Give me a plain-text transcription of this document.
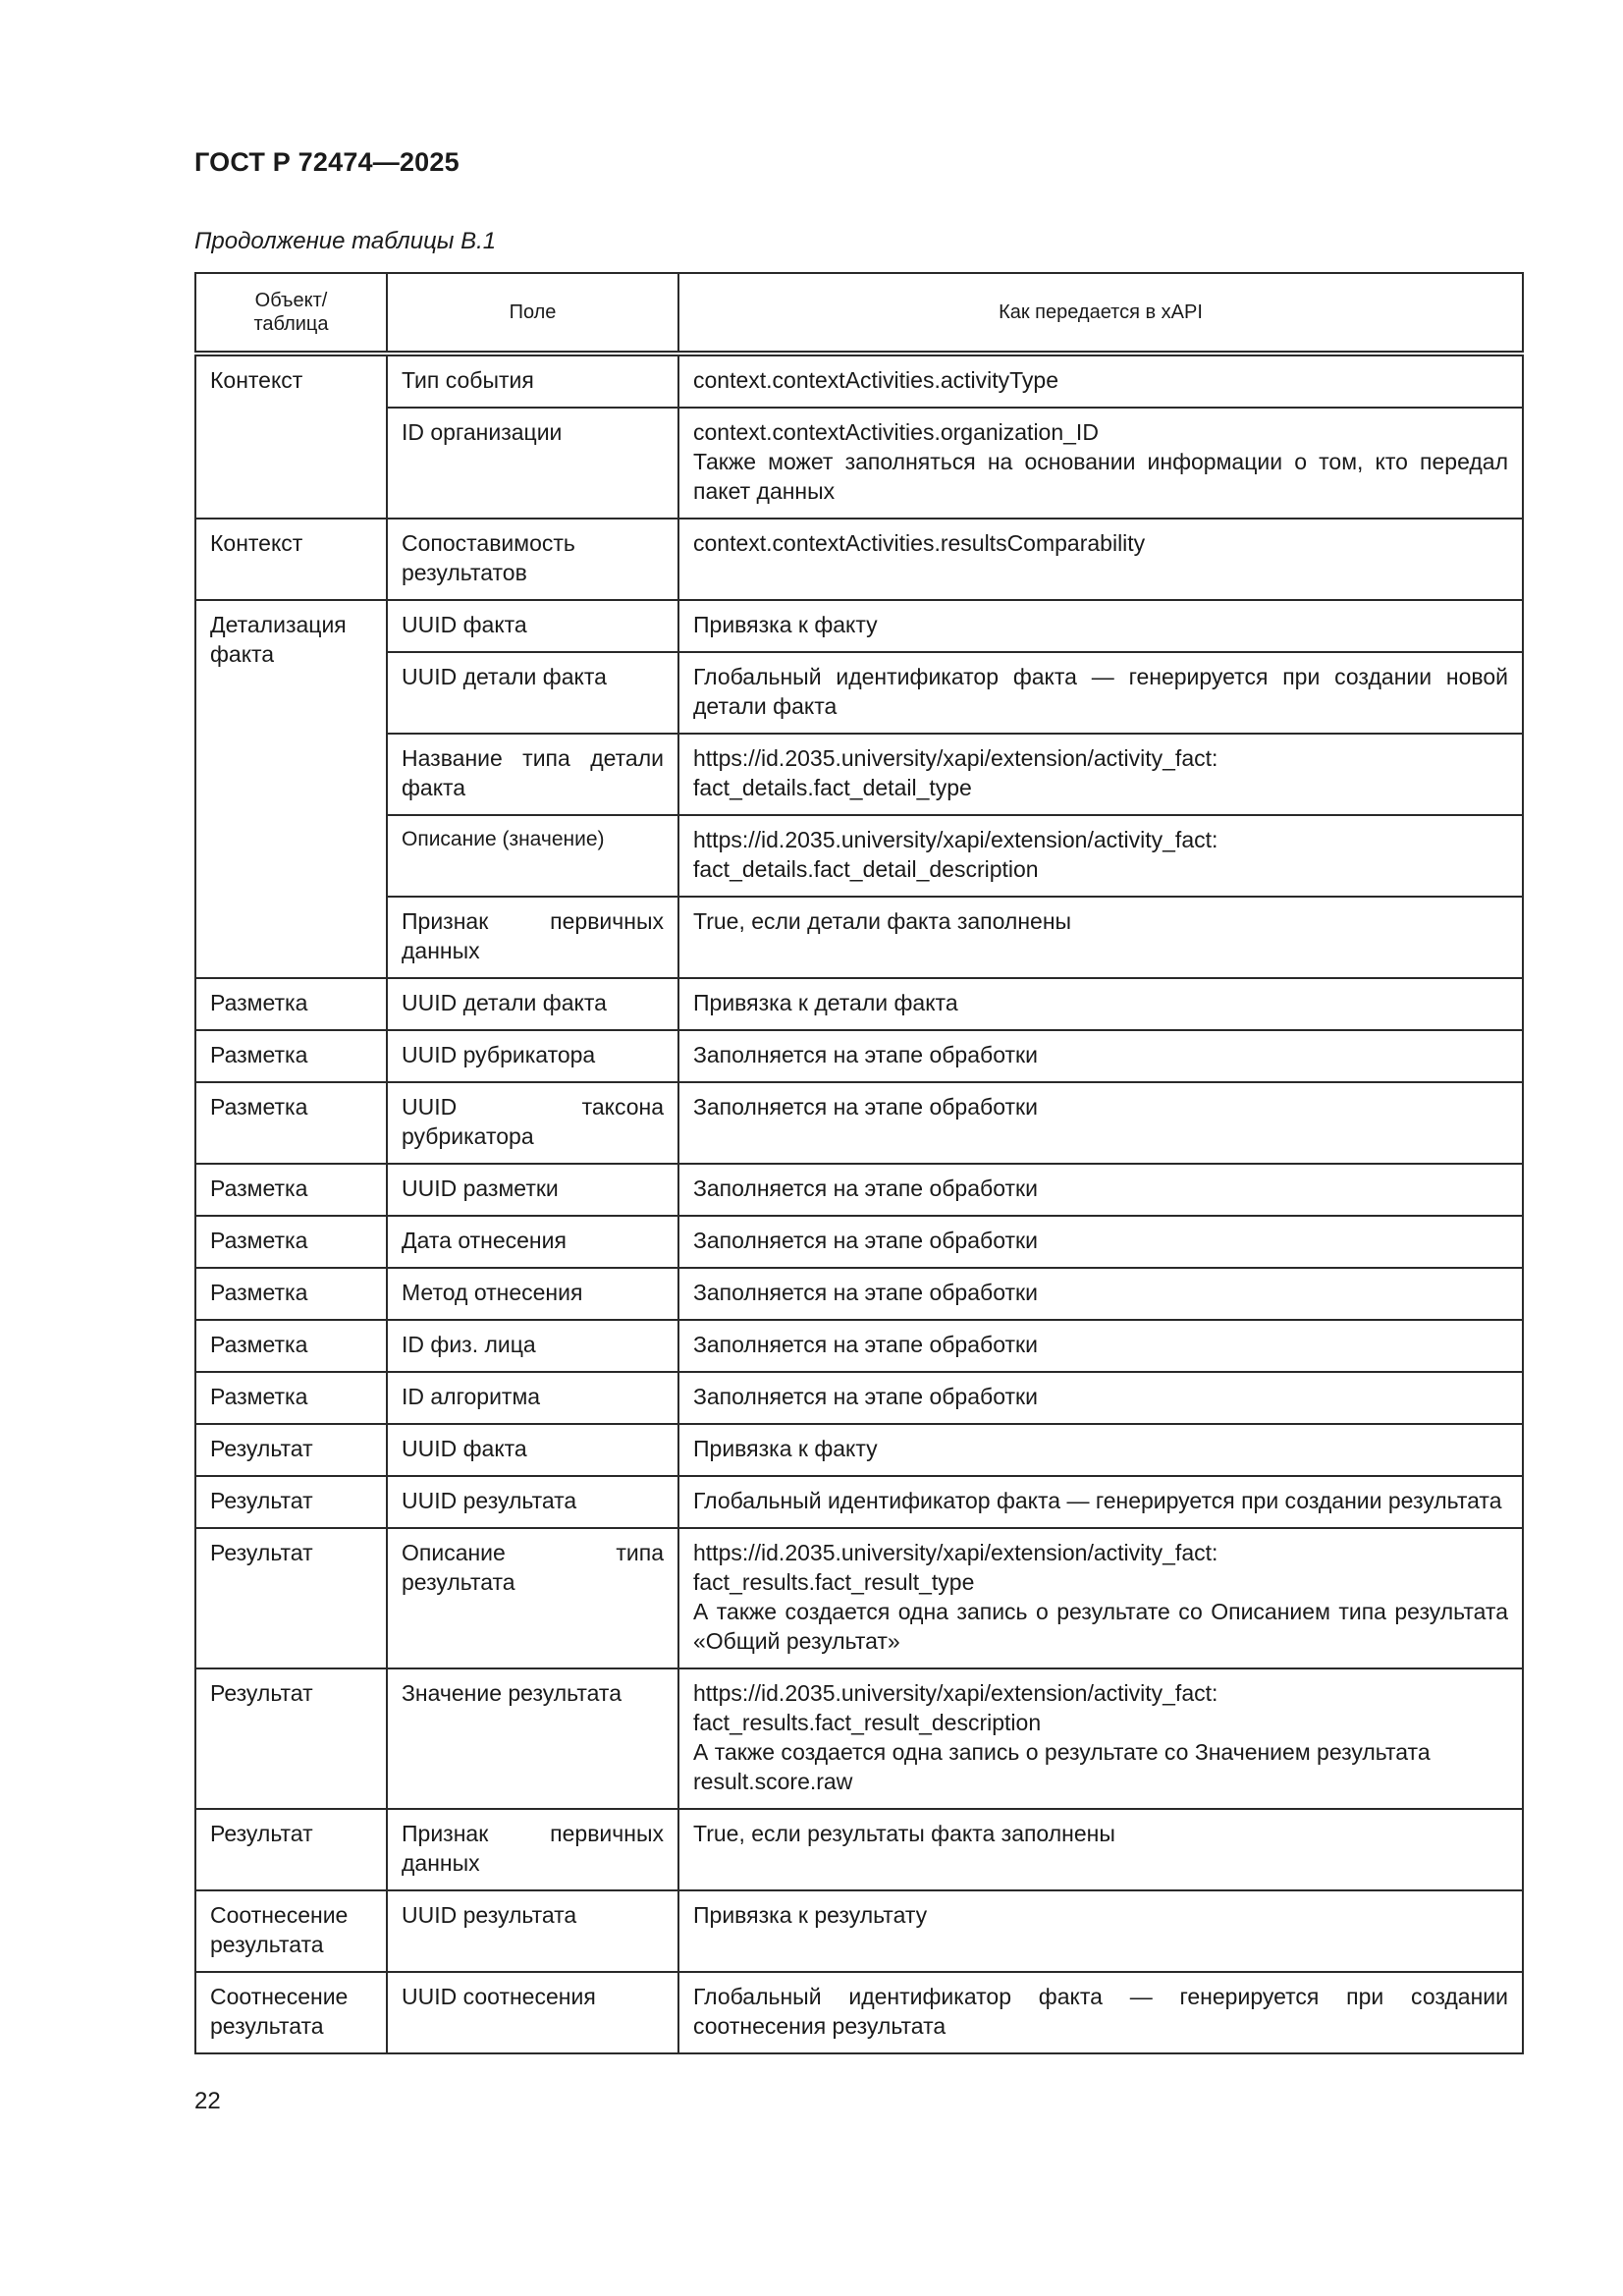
ГОСТ Р 72474—2025
Продолжение таблицы В.1
Объект/
таблица	Поле	Как передается в xAPI	
Контекст	Тип события	context.contextActivities.activityType
	ID организации	context.contextActivities.organization_ID
Также может заполняться на основании информации о том, кто передал пакет данных
Контекст	Сопоставимость результатов	context.contextActivities.resultsComparability
Детализация факта	UUID факта	Привязка к факту
	UUID детали факта	Глобальный идентификатор факта — генерируется при создании новой детали факта
	Название типа детали факта	https://id.2035.university/xapi/extension/activity_fact:
fact_details.fact_detail_type
	Описание (значение)	https://id.2035.university/xapi/extension/activity_fact:
fact_details.fact_detail_description
	Признак первичных данных	True, если детали факта заполнены
Разметка	UUID детали факта	Привязка к детали факта
Разметка	UUID рубрикатора	Заполняется на этапе обработки
Разметка	UUID таксона рубрикатора	Заполняется на этапе обработки
Разметка	UUID разметки	Заполняется на этапе обработки
Разметка	Дата отнесения	Заполняется на этапе обработки
Разметка	Метод отнесения	Заполняется на этапе обработки
Разметка	ID физ. лица	Заполняется на этапе обработки
Разметка	ID алгоритма	Заполняется на этапе обработки
Результат	UUID факта	Привязка к факту
Результат	UUID результата	Глобальный идентификатор факта — генерируется при создании результата
Результат	Описание типа результата	https://id.2035.university/xapi/extension/activity_fact:
fact_results.fact_result_type
А также создается одна запись о результате со Описанием типа результата «Общий результат»
Результат	Значение результата	https://id.2035.university/xapi/extension/activity_fact:
fact_results.fact_result_description
А также создается одна запись о результате со Значением результата result.score.raw
Результат	Признак первичных данных	True, если результаты факта заполнены
Соотнесение результата	UUID результата	Привязка к результату
Соотнесение результата	UUID соотнесения	Глобальный идентификатор факта — генерируется при создании соотнесения результата
22
